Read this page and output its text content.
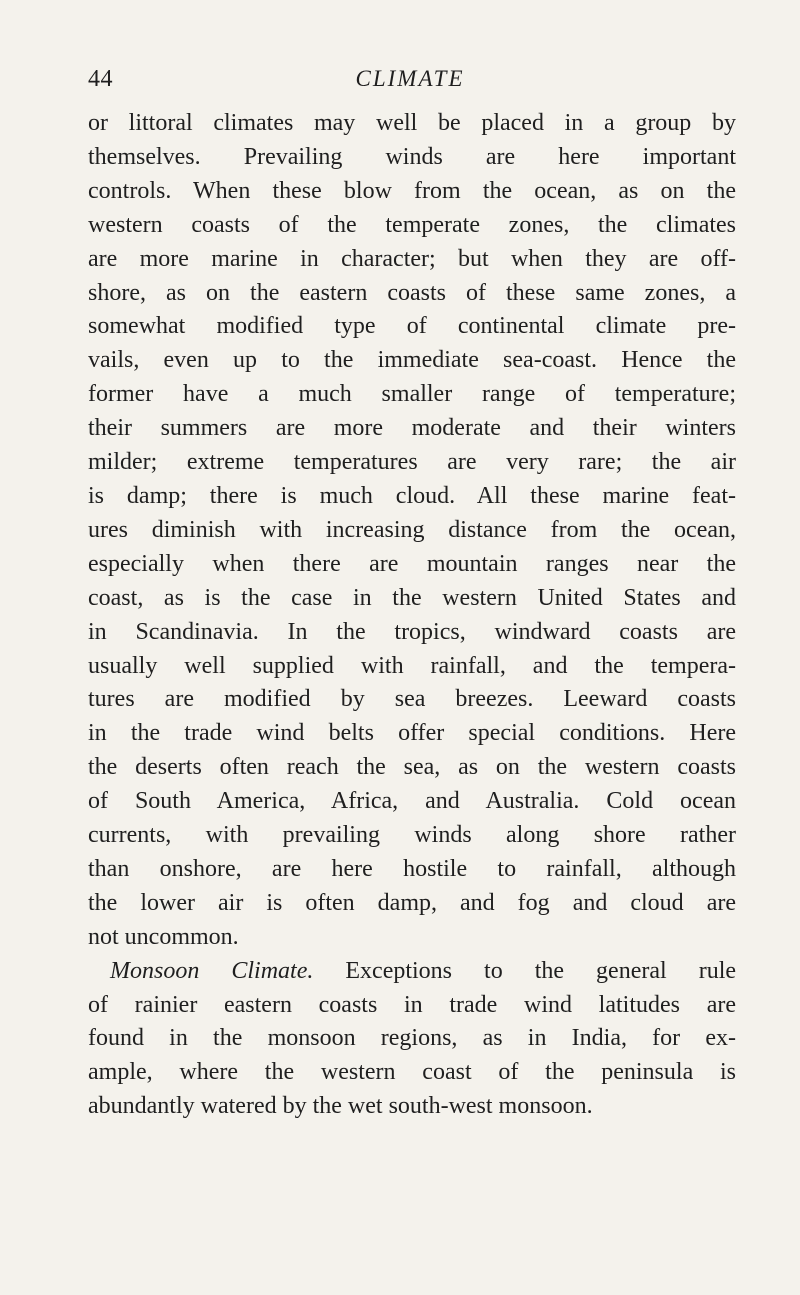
44	CLIMATE
or littoral climates may well be placed in a group by
themselves. Prevailing winds are here important
controls. When these blow from the ocean, as on the
western coasts of the temperate zones, the climates
are more marine in character; but when they are off-
shore, as on the eastern coasts of these same zones, a
somewhat modified type of continental climate pre-
vails, even up to the immediate sea-coast. Hence the
former have a much smaller range of temperature;
their summers are more moderate and their winters
milder; extreme temperatures are very rare; the air
is damp; there is much cloud. All these marine feat-
ures diminish with increasing distance from the ocean,
especially when there are mountain ranges near the
coast, as is the case in the western United States and
in Scandinavia. In the tropics, windward coasts are
usually well supplied with rainfall, and the tempera-
tures are modified by sea breezes. Leeward coasts
in the trade wind belts offer special conditions. Here
the deserts often reach the sea, as on the western coasts
of South America, Africa, and Australia. Cold ocean
currents, with prevailing winds along shore rather
than onshore, are here hostile to rainfall, although
the lower air is often damp, and fog and cloud are
not uncommon.
Monsoon Climate. Exceptions to the general rule
of rainier eastern coasts in trade wind latitudes are
found in the monsoon regions, as in India, for ex-
ample, where the western coast of the peninsula is
abundantly watered by the wet south-west monsoon.
